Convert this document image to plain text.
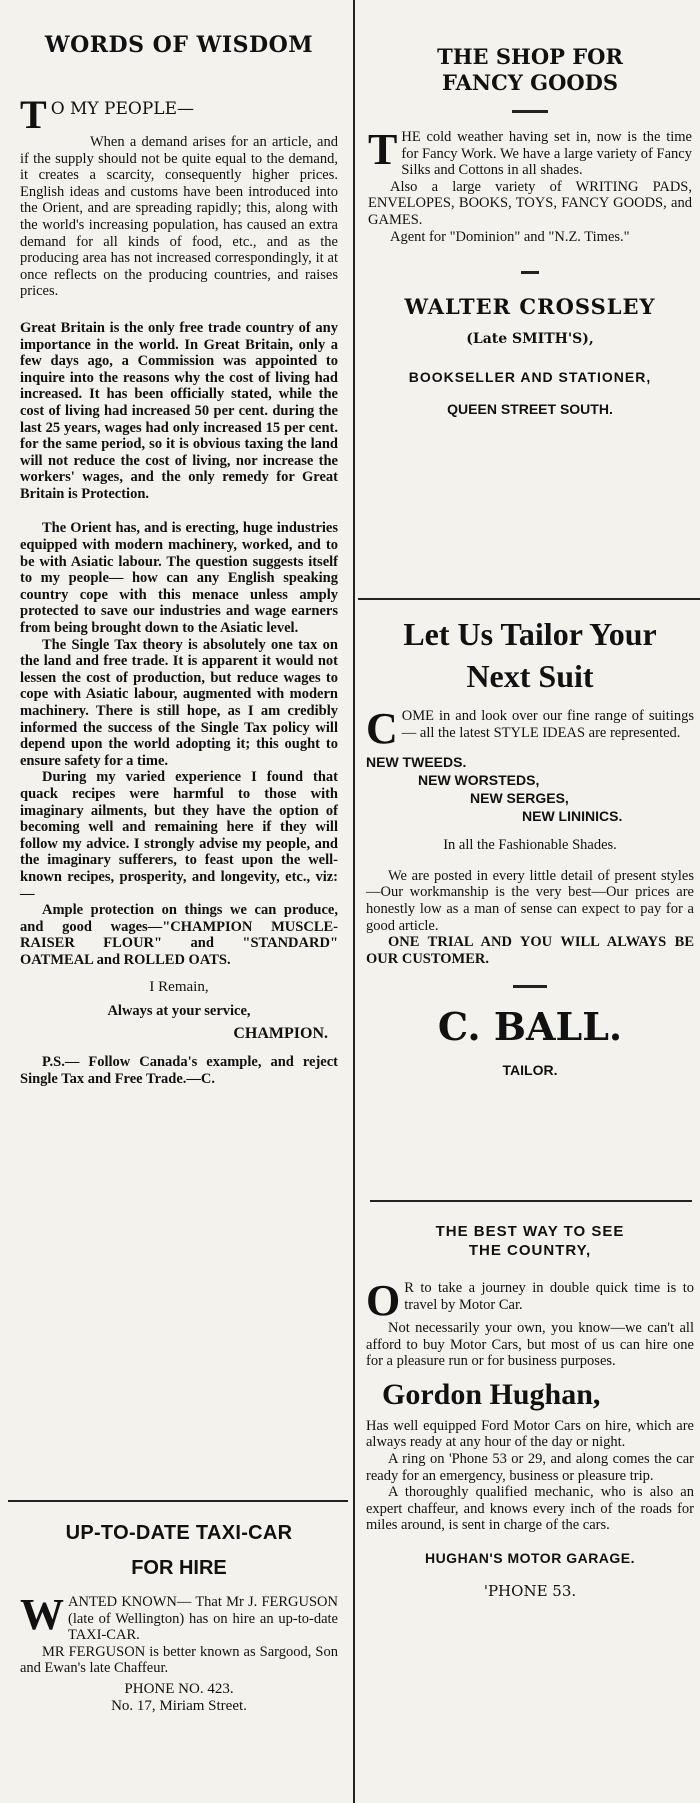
WORDS OF WISDOM
T O MY PEOPLE—

When a demand arises for an article, and if the supply should not be quite equal to the demand, it creates a scarcity, consequently higher prices. English ideas and customs have been introduced into the Orient, and are spreading rapidly; this, along with the world's increasing population, has caused an extra demand for all kinds of food, etc., and as the producing area has not increased correspondingly, it at once reflects on the producing countries, and raises prices.

Great Britain is the only free trade country of any importance in the world. In Great Britain, only a few days ago, a Commission was appointed to inquire into the reasons why the cost of living had increased. It has been officially stated, while the cost of living had increased 50 per cent. during the last 25 years, wages had only increased 15 per cent. for the same period, so it is obvious taxing the land will not reduce the cost of living, nor increase the workers' wages, and the only remedy for Great Britain is Protection.

The Orient has, and is erecting, huge industries equipped with modern machinery, worked, and to be with Asiatic labour. The question suggests itself to my people— how can any English speaking country cope with this menace unless amply protected to save our industries and wage earners from being brought down to the Asiatic level.

The Single Tax theory is absolutely one tax on the land and free trade. It is apparent it would not lessen the cost of production, but reduce wages to cope with Asiatic labour, augmented with modern machinery. There is still hope, as I am credibly informed the success of the Single Tax policy will depend upon the world adopting it; this ought to ensure safety for a time.

During my varied experience I found that quack recipes were harmful to those with imaginary ailments, but they have the option of becoming well and remaining here if they will follow my advice. I strongly advise my people, and the imaginary sufferers, to feast upon the well-known recipes, prosperity, and longevity, etc., viz:—

Ample protection on things we can produce, and good wages—"CHAMPION MUSCLE-RAISER FLOUR" and "STANDARD" OATMEAL and ROLLED OATS.

I Remain,

Always at your service,

CHAMPION.

P.S.— Follow Canada's example, and reject Single Tax and Free Trade.—C.

UP-TO-DATE TAXI-CAR
FOR HIRE
W ANTED KNOWN— That Mr J. FERGUSON (late of Wellington) has on hire an up-to-date TAXI-CAR.

MR FERGUSON is better known as Sargood, Son and Ewan's late Chaffeur.

PHONE NO. 423.

No. 17, Miriam Street.

THE SHOP FOR FANCY GOODS
T HE cold weather having set in, now is the time for Fancy Work. We have a large variety of Fancy Silks and Cottons in all shades.

Also a large variety of WRITING PADS, ENVELOPES, BOOKS, TOYS, FANCY GOODS, and GAMES.

Agent for "Dominion" and "N.Z. Times."

WALTER CROSSLEY

(Late SMITH'S),

BOOKSELLER AND STATIONER,

QUEEN STREET SOUTH.

Let Us Tailor Your
Next Suit
C OME in and look over our fine range of suitings— all the latest STYLE IDEAS are represented.

NEW TWEEDS.
NEW WORSTEDS,
NEW SERGES,
NEW LININICS.

In all the Fashionable Shades.

We are posted in every little detail of present styles—Our workmanship is the very best—Our prices are honestly low as a man of sense can expect to pay for a good article.

ONE TRIAL AND YOU WILL ALWAYS BE OUR CUSTOMER.

C. BALL.

TAILOR.

THE BEST WAY TO SEE THE COUNTRY,
O R to take a journey in double quick time is to travel by Motor Car.

Not necessarily your own, you know—we can't all afford to buy Motor Cars, but most of us can hire one for a pleasure run or for business purposes.

Gordon Hughan,

Has well equipped Ford Motor Cars on hire, which are always ready at any hour of the day or night.

A ring on 'Phone 53 or 29, and along comes the car ready for an emergency, business or pleasure trip.

A thoroughly qualified mechanic, who is also an expert chaffeur, and knows every inch of the roads for miles around, is sent in charge of the cars.

HUGHAN'S MOTOR GARAGE.

'PHONE 53.
